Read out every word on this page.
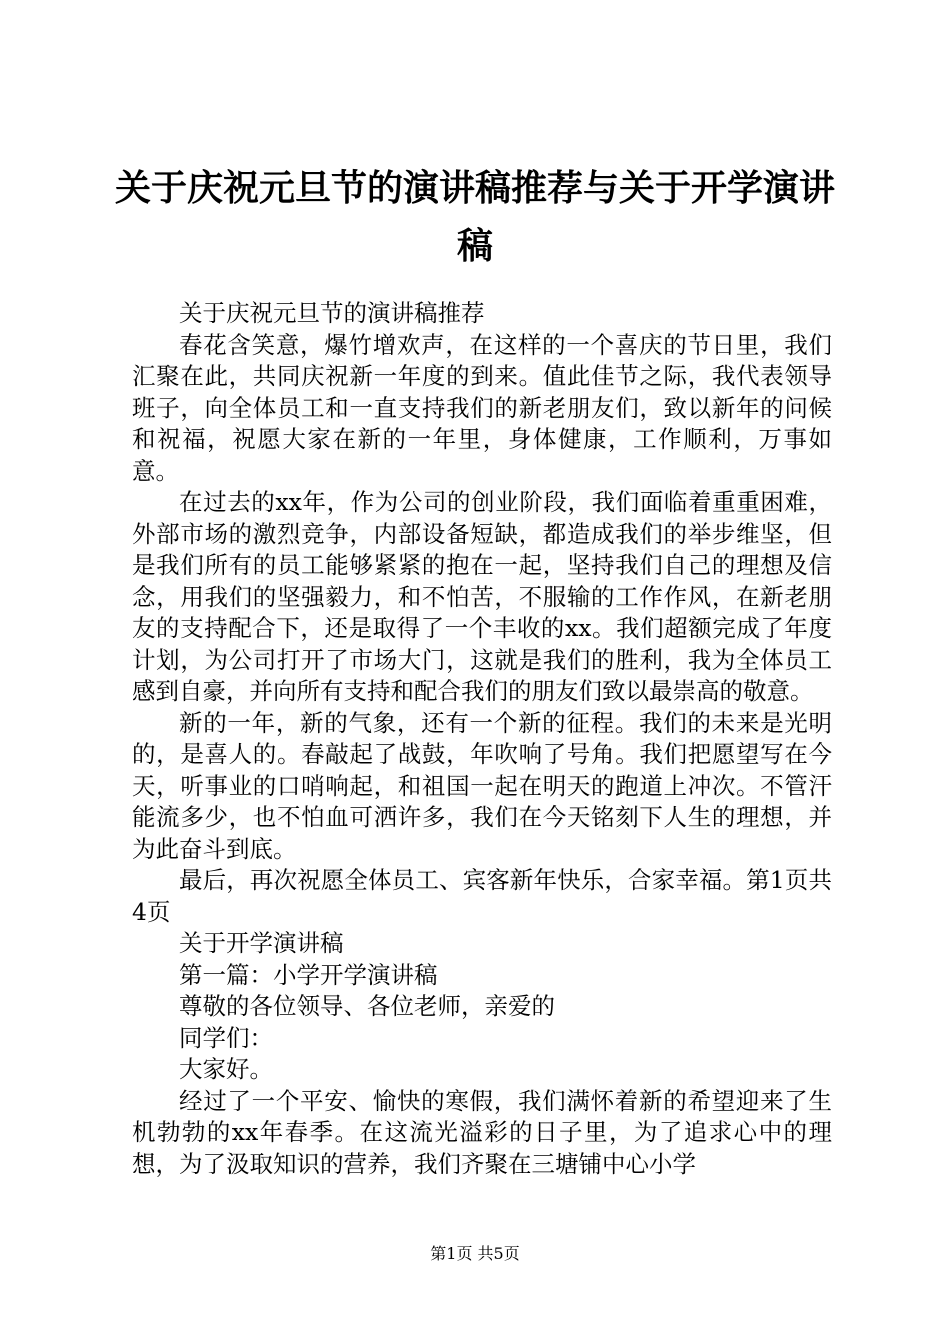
关于庆祝元旦节的演讲稿推荐与关于开学演讲稿

关于庆祝元旦节的演讲稿推荐

春花含笑意，爆竹增欢声，在这样的一个喜庆的节日里，我们汇聚在此，共同庆祝新一年度的到来。值此佳节之际，我代表领导班子，向全体员工和一直支持我们的新老朋友们，致以新年的问候和祝福，祝愿大家在新的一年里，身体健康，工作顺利，万事如意。

在过去的xx年，作为公司的创业阶段，我们面临着重重困难，外部市场的激烈竞争，内部设备短缺，都造成我们的举步维坚，但是我们所有的员工能够紧紧的抱在一起，坚持我们自己的理想及信念，用我们的坚强毅力，和不怕苦，不服输的工作作风，在新老朋友的支持配合下，还是取得了一个丰收的xx。我们超额完成了年度计划，为公司打开了市场大门，这就是我们的胜利，我为全体员工感到自豪，并向所有支持和配合我们的朋友们致以最崇高的敬意。

新的一年，新的气象，还有一个新的征程。我们的未来是光明的，是喜人的。春敲起了战鼓，年吹响了号角。我们把愿望写在今天，听事业的口哨响起，和祖国一起在明天的跑道上冲次。不管汗能流多少，也不怕血可洒许多，我们在今天铭刻下人生的理想，并为此奋斗到底。

最后，再次祝愿全体员工、宾客新年快乐，合家幸福。第1页共4页

关于开学演讲稿

第一篇：小学开学演讲稿

尊敬的各位领导、各位老师，亲爱的

同学们：

大家好。

经过了一个平安、愉快的寒假，我们满怀着新的希望迎来了生机勃勃的xx年春季。在这流光溢彩的日子里，为了追求心中的理想，为了汲取知识的营养，我们齐聚在三塘铺中心小学

第1页 共5页
